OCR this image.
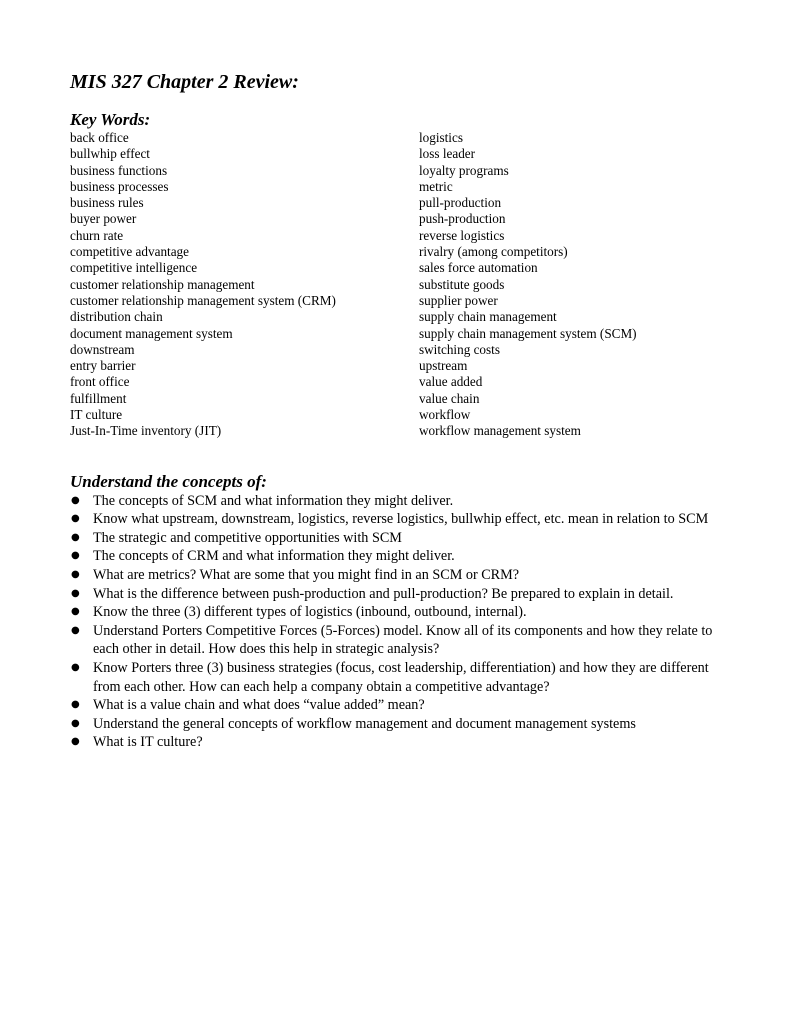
MIS 327 Chapter 2 Review:
Key Words:
back office
bullwhip effect
business functions
business processes
business rules
buyer power
churn rate
competitive advantage
competitive intelligence
customer relationship management
customer relationship management system (CRM)
distribution chain
document management system
downstream
entry barrier
front office
fulfillment
IT culture
Just-In-Time inventory (JIT)
logistics
loss leader
loyalty programs
metric
pull-production
push-production
reverse logistics
rivalry (among competitors)
sales force automation
substitute goods
supplier power
supply chain management
supply chain management system (SCM)
switching costs
upstream
value added
value chain
workflow
workflow management system
Understand the concepts of:
● The concepts of SCM and what information they might deliver.
● Know what upstream, downstream, logistics, reverse logistics, bullwhip effect, etc. mean in relation to SCM
● The strategic and competitive opportunities with SCM
● The concepts of CRM and what information they might deliver.
● What are metrics? What are some that you might find in an SCM or CRM?
● What is the difference between push-production and pull-production? Be prepared to explain in detail.
● Know the three (3) different types of logistics (inbound, outbound, internal).
● Understand Porters Competitive Forces (5-Forces) model. Know all of its components and how they relate to each other in detail. How does this help in strategic analysis?
● Know Porters three (3) business strategies (focus, cost leadership, differentiation) and how they are different from each other. How can each help a company obtain a competitive advantage?
● What is a value chain and what does “value added” mean?
● Understand the general concepts of workflow management and document management systems
● What is IT culture?
